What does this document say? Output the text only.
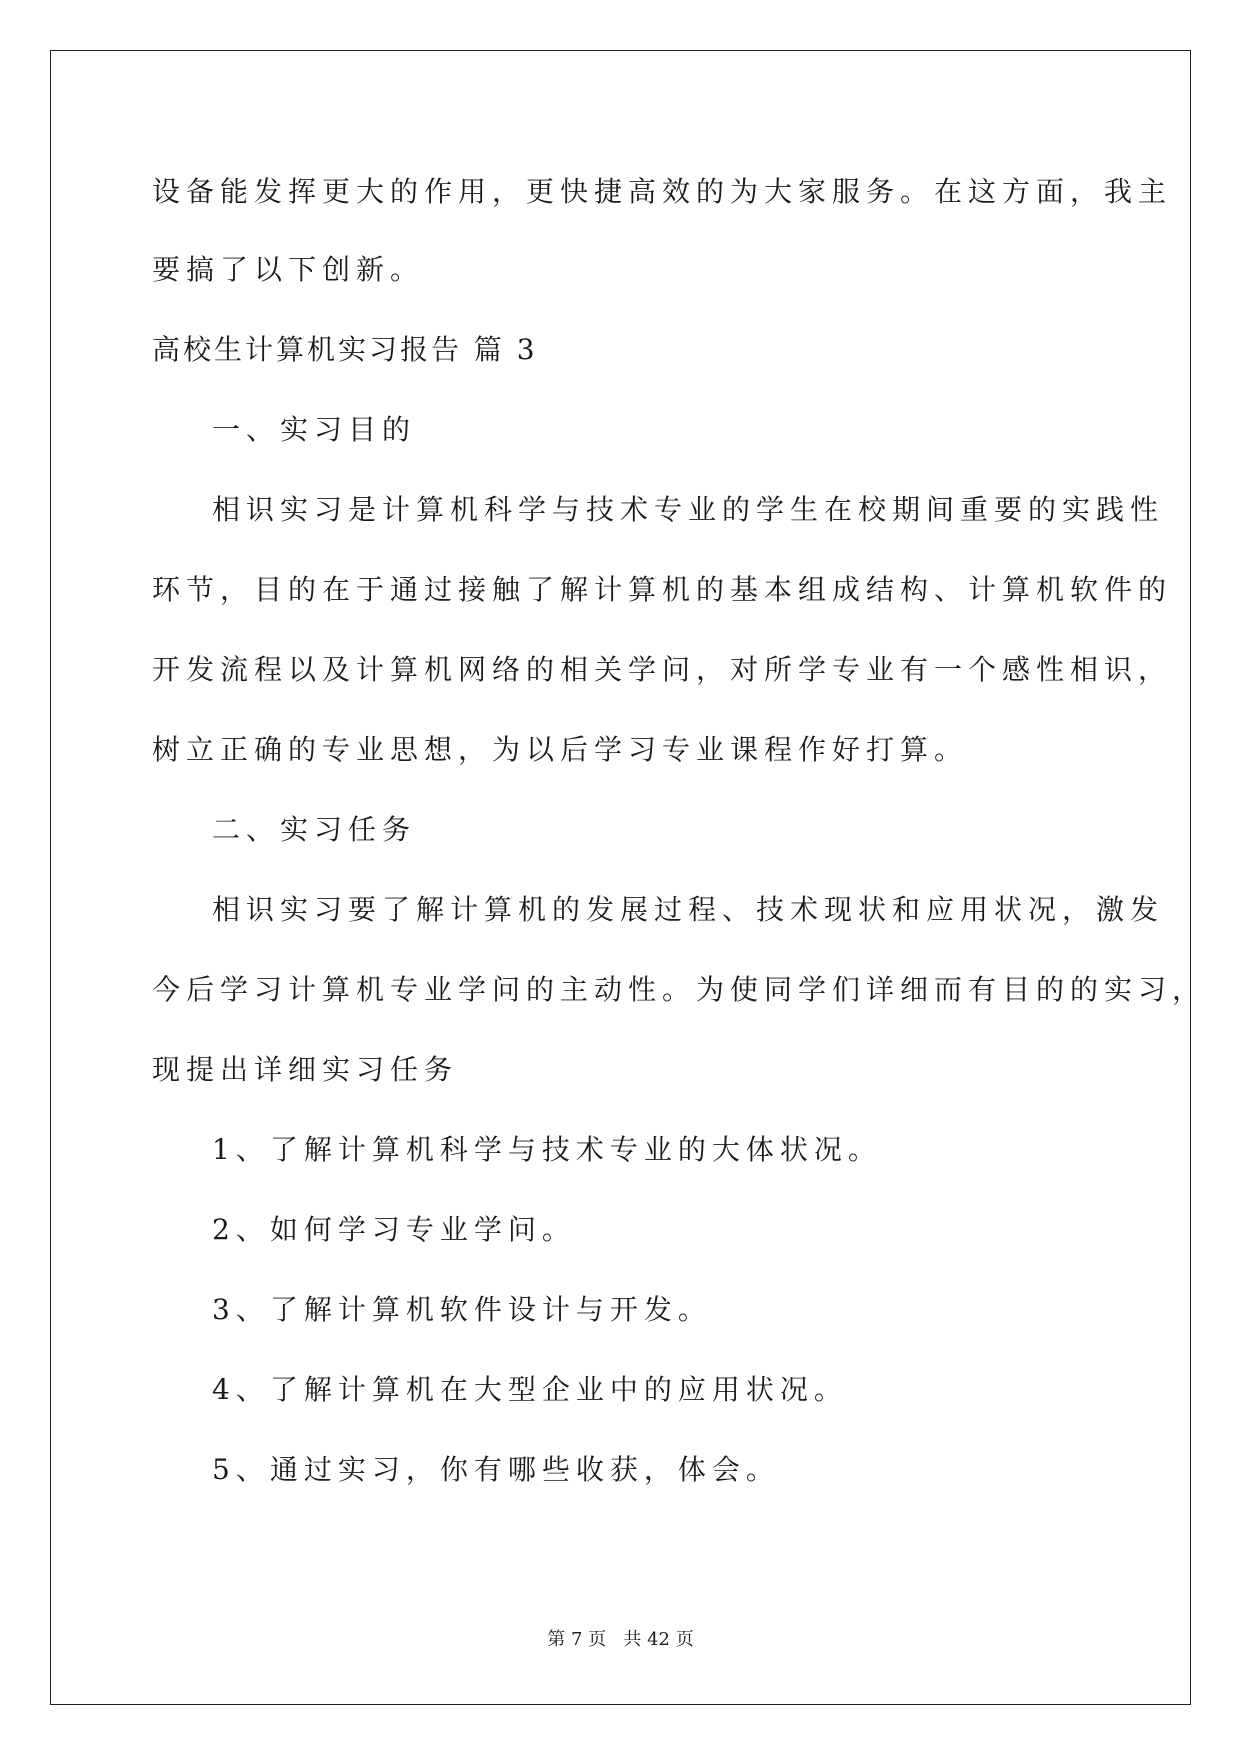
设备能发挥更大的作用，更快捷高效的为大家服务。在这方面，我主

要搞了以下创新。

高校生计算机实习报告 篇 3

一、实习目的

相识实习是计算机科学与技术专业的学生在校期间重要的实践性

环节，目的在于通过接触了解计算机的基本组成结构、计算机软件的

开发流程以及计算机网络的相关学问，对所学专业有一个感性相识，

树立正确的专业思想，为以后学习专业课程作好打算。

二、实习任务

相识实习要了解计算机的发展过程、技术现状和应用状况，激发

今后学习计算机专业学问的主动性。为使同学们详细而有目的的实习，

现提出详细实习任务

1、了解计算机科学与技术专业的大体状况。

2、如何学习专业学问。

3、了解计算机软件设计与开发。

4、了解计算机在大型企业中的应用状况。

5、通过实习，你有哪些收获，体会。

第 7 页   共 42 页
